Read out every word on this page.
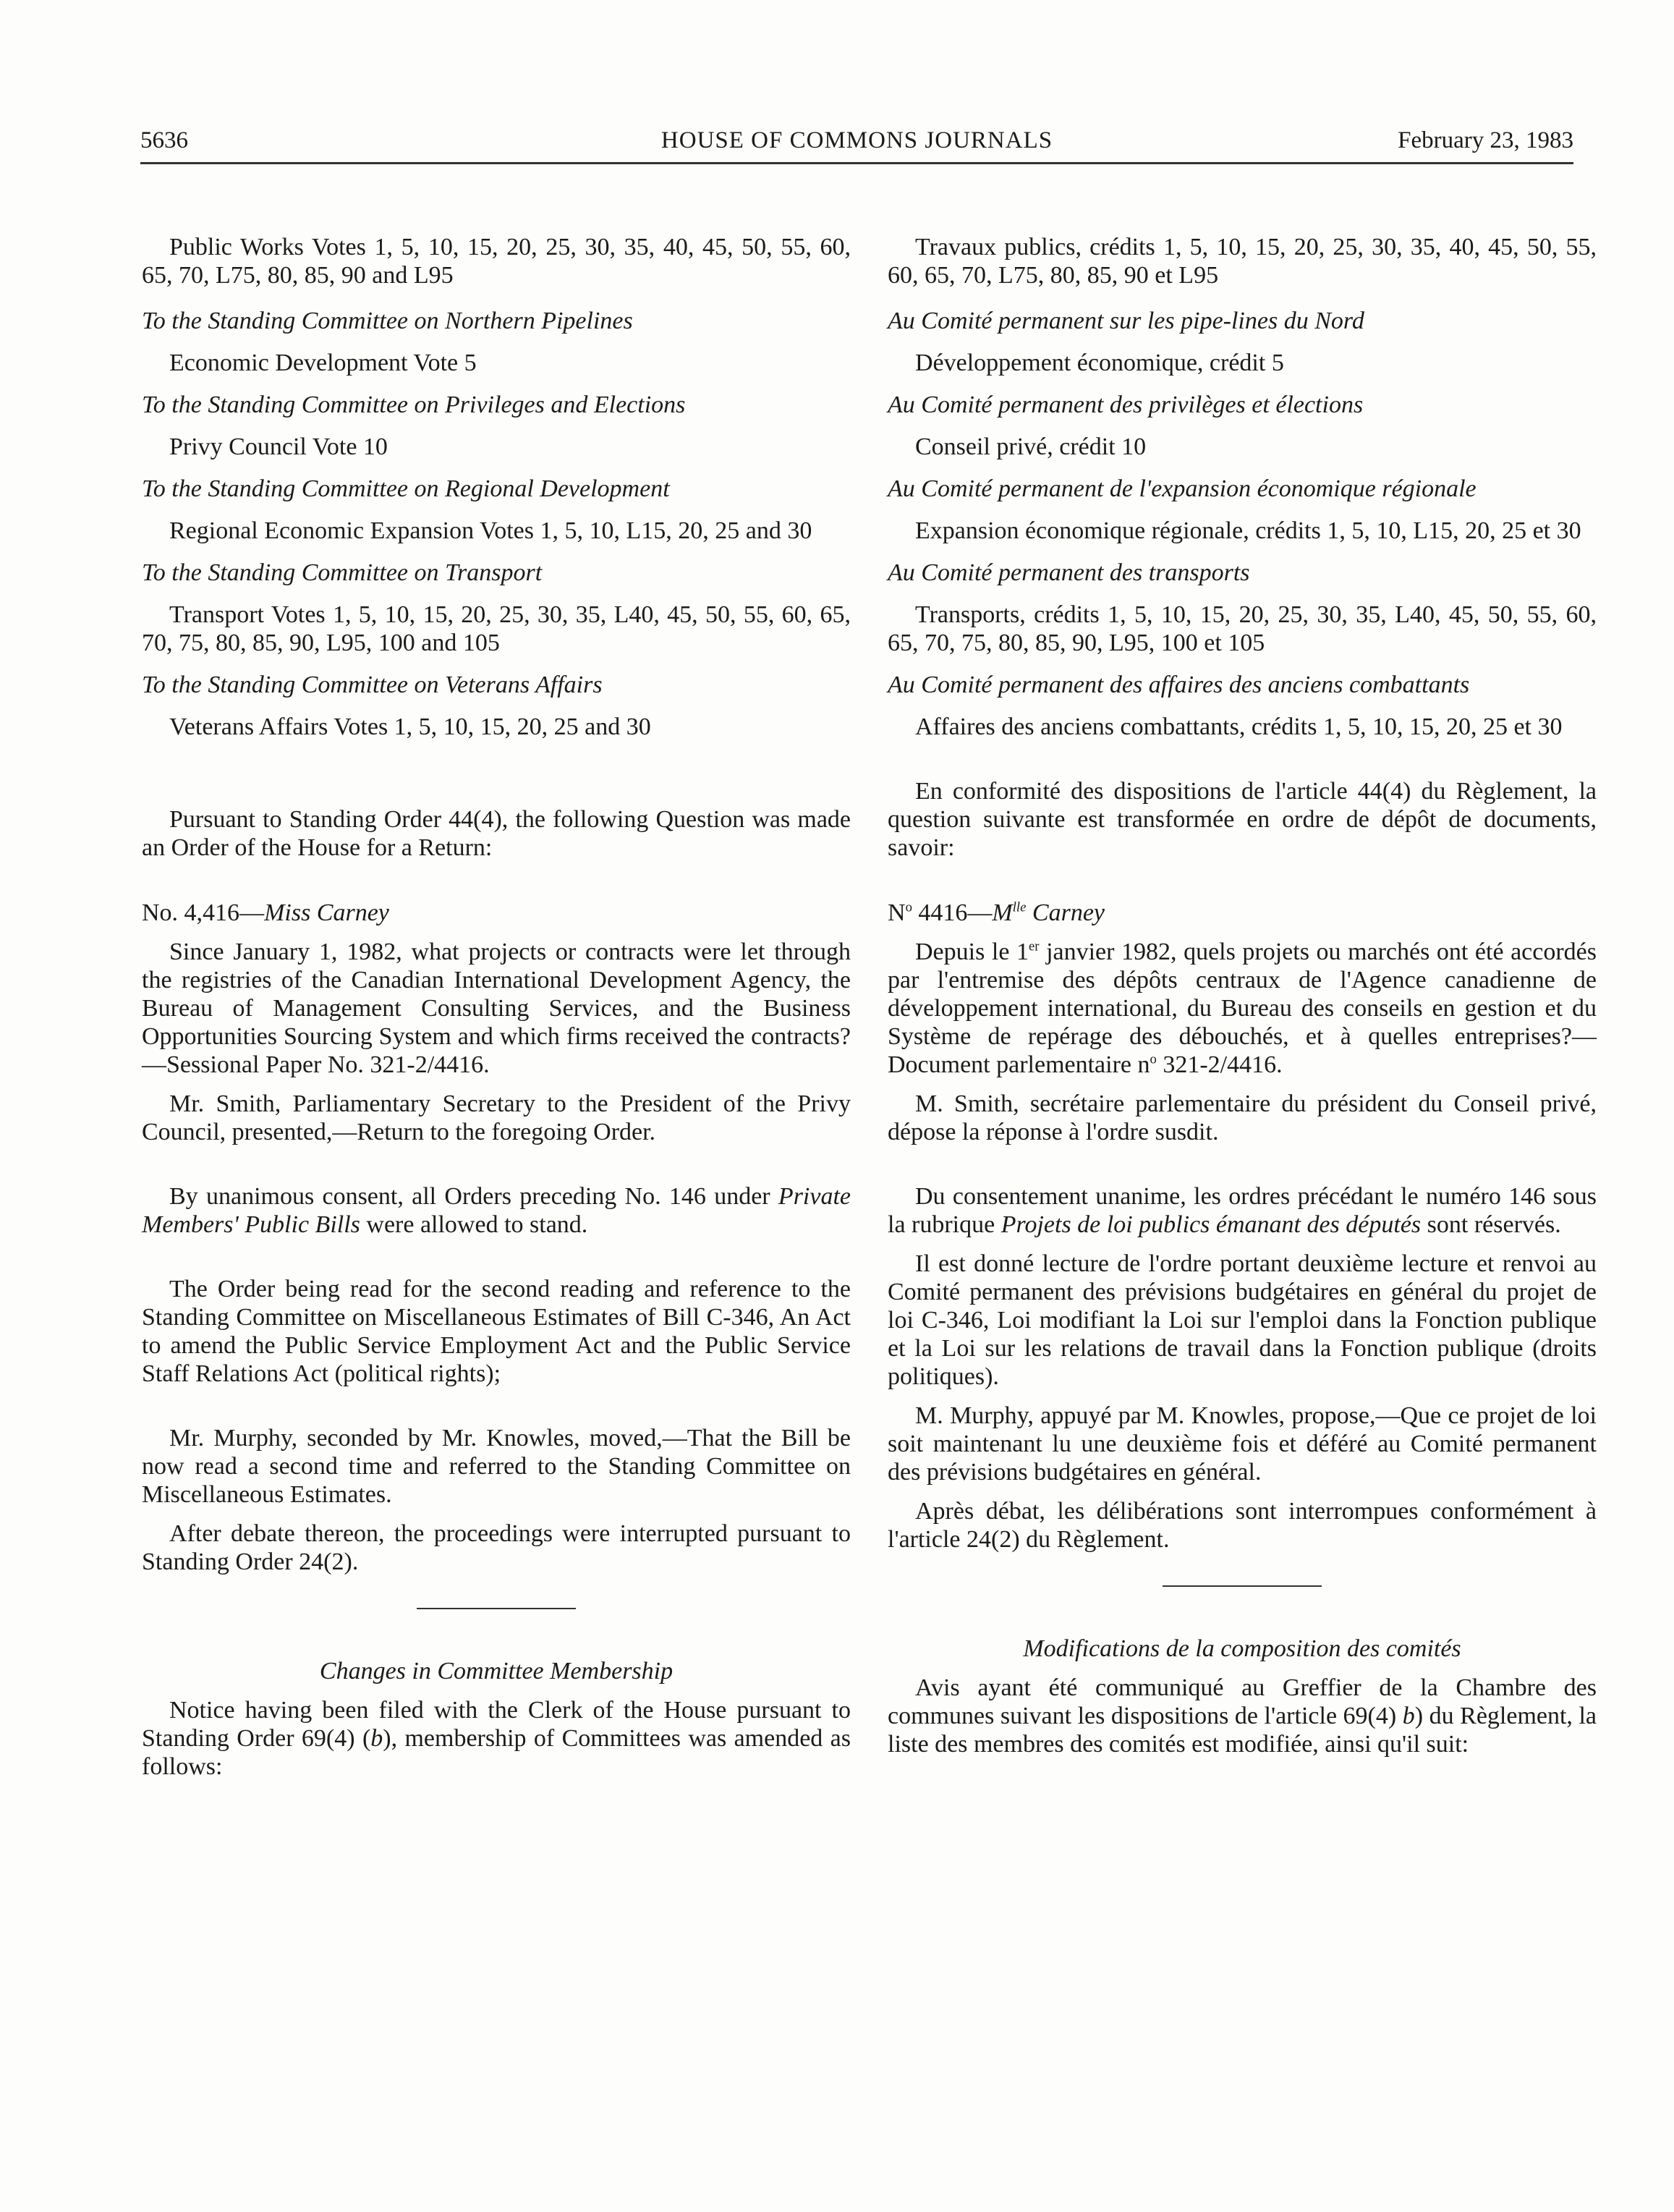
5636	HOUSE OF COMMONS JOURNALS	February 23, 1983

Public Works Votes 1, 5, 10, 15, 20, 25, 30, 35, 40, 45, 50, 55, 60, 65, 70, L75, 80, 85, 90 and L95

To the Standing Committee on Northern Pipelines

Economic Development Vote 5

To the Standing Committee on Privileges and Elections

Privy Council Vote 10

To the Standing Committee on Regional Development

Regional Economic Expansion Votes 1, 5, 10, L15, 20, 25 and 30

To the Standing Committee on Transport

Transport Votes 1, 5, 10, 15, 20, 25, 30, 35, L40, 45, 50, 55, 60, 65, 70, 75, 80, 85, 90, L95, 100 and 105

To the Standing Committee on Veterans Affairs

Veterans Affairs Votes 1, 5, 10, 15, 20, 25 and 30

Pursuant to Standing Order 44(4), the following Question was made an Order of the House for a Return:

No. 4,416—Miss Carney

Since January 1, 1982, what projects or contracts were let through the registries of the Canadian International Development Agency, the Bureau of Management Consulting Services, and the Business Opportunities Sourcing System and which firms received the contracts?—Sessional Paper No. 321-2/4416.

Mr. Smith, Parliamentary Secretary to the President of the Privy Council, presented,—Return to the foregoing Order.

By unanimous consent, all Orders preceding No. 146 under Private Members' Public Bills were allowed to stand.

The Order being read for the second reading and reference to the Standing Committee on Miscellaneous Estimates of Bill C-346, An Act to amend the Public Service Employment Act and the Public Service Staff Relations Act (political rights);

Mr. Murphy, seconded by Mr. Knowles, moved,—That the Bill be now read a second time and referred to the Standing Committee on Miscellaneous Estimates.

After debate thereon, the proceedings were interrupted pursuant to Standing Order 24(2).

Changes in Committee Membership

Notice having been filed with the Clerk of the House pursuant to Standing Order 69(4) (b), membership of Committees was amended as follows:

Travaux publics, crédits 1, 5, 10, 15, 20, 25, 30, 35, 40, 45, 50, 55, 60, 65, 70, L75, 80, 85, 90 et L95

Au Comité permanent sur les pipe-lines du Nord

Développement économique, crédit 5

Au Comité permanent des privilèges et élections

Conseil privé, crédit 10

Au Comité permanent de l'expansion économique régionale

Expansion économique régionale, crédits 1, 5, 10, L15, 20, 25 et 30

Au Comité permanent des transports

Transports, crédits 1, 5, 10, 15, 20, 25, 30, 35, L40, 45, 50, 55, 60, 65, 70, 75, 80, 85, 90, L95, 100 et 105

Au Comité permanent des affaires des anciens combattants

Affaires des anciens combattants, crédits 1, 5, 10, 15, 20, 25 et 30

En conformité des dispositions de l'article 44(4) du Règlement, la question suivante est transformée en ordre de dépôt de documents, savoir:

$N^o$ $4416—M^{lle}$ Carney

Depuis le 1er janvier 1982, quels projets ou marchés ont été accordés par l'entremise des dépôts centraux de l'Agence canadienne de développement international, du Bureau des conseils en gestion et du Système de repérage des débouchés, et à quelles entreprises?—Document parlementaire $n^o$ 321-2/4416.

M. Smith, secrétaire parlementaire du président du Conseil privé, dépose la réponse à l'ordre susdit.

Du consentement unanime, les ordres précédant le numéro 146 sous la rubrique Projets de loi publics émanant des députés sont réservés.

Il est donné lecture de l'ordre portant deuxième lecture et renvoi au Comité permanent des prévisions budgétaires en général du projet de loi C-346, Loi modifiant la Loi sur l'emploi dans la Fonction publique et la Loi sur les relations de travail dans la Fonction publique (droits politiques).

M. Murphy, appuyé par M. Knowles, propose,—Que ce projet de loi soit maintenant lu une deuxième fois et déféré au Comité permanent des prévisions budgétaires en général.

Après débat, les délibérations sont interrompues conformément à l'article 24(2) du Règlement.

Modifications de la composition des comités

Avis ayant été communiqué au Greffier de la Chambre des communes suivant les dispositions de l'article 69(4) b) du Règlement, la liste des membres des comités est modifiée, ainsi qu'il suit:
